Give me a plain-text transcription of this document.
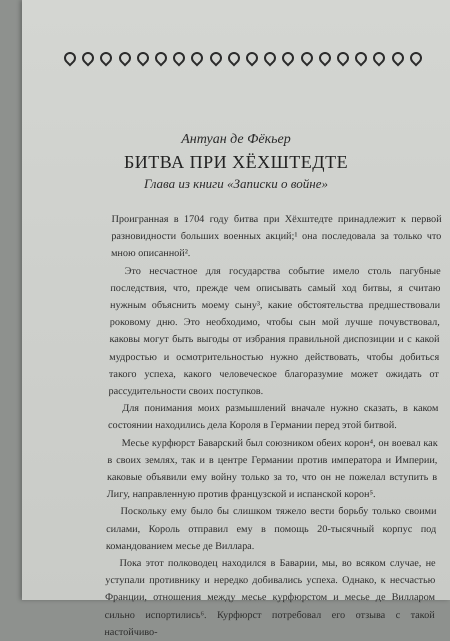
Антуан де Фёкьер
БИТВА ПРИ ХЁХШТЕДТЕ
Глава из книги «Записки о войне»

Проигранная в 1704 году битва при Хёхштедте принадлежит к первой разновидности больших военных акций;¹ она последовала за только что мною описанной².

Это несчастное для государства событие имело столь пагубные последствия, что, прежде чем описывать самый ход битвы, я считаю нужным объяснить моему сыну³, какие обстоятельства предшествовали роковому дню. Это необходимо, чтобы сын мой лучше почувствовал, каковы могут быть выгоды от избрания правильной диспозиции и с какой мудростью и осмотрительностью нужно действовать, чтобы добиться такого успеха, какого человеческое благоразумие может ожидать от рассудительности своих поступков.

Для понимания моих размышлений вначале нужно сказать, в каком состоянии находились дела Короля в Германии перед этой битвой.

Месье курфюрст Баварский был союзником обеих корон⁴, он воевал как в своих землях, так и в центре Германии против императора и Империи, каковые объявили ему войну только за то, что он не пожелал вступить в Лигу, направленную против французской и испанской корон⁵.

Поскольку ему было бы слишком тяжело вести борьбу только своими силами, Король отправил ему в помощь 20-тысячный корпус под командованием месье де Виллара.

Пока этот полководец находился в Баварии, мы, во всяком случае, не уступали противнику и нередко добивались успеха. Однако, к несчастью Франции, отношения между месье курфюрстом и месье де Вилларом сильно испортились⁶. Курфюрст потребовал его отзыва с такой настойчиво-
